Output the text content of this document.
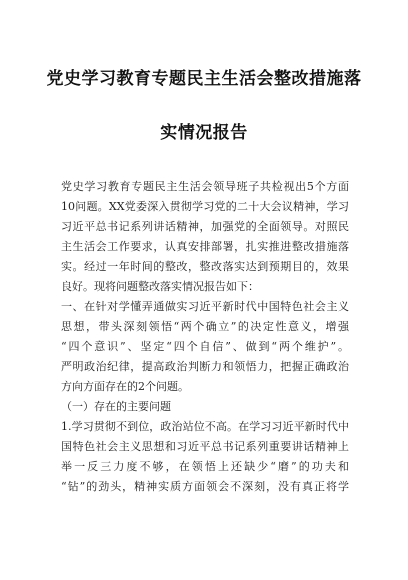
党史学习教育专题民主生活会整改措施落
实情况报告
党史学习教育专题民主生活会领导班子共检视出5个方面
10问题。XX党委深入贯彻学习党的二十大会议精神，学习
习近平总书记系列讲话精神，加强党的全面领导。对照民
主生活会工作要求，认真安排部署，扎实推进整改措施落
实。经过一年时间的整改，整改落实达到预期目的，效果
良好。现将问题整改落实情况报告如下：
一、在针对学懂弄通做实习近平新时代中国特色社会主义
思想，带头深刻领悟“两个确立”的决定性意义，增强
“四个意识”、坚定“四个自信”、做到“两个维护”。
严明政治纪律，提高政治判断力和领悟力，把握正确政治
方向方面存在的2个问题。
（一）存在的主要问题
1.学习贯彻不到位，政治站位不高。在学习习近平新时代中
国特色社会主义思想和习近平总书记系列重要讲话精神上
举一反三力度不够，在领悟上还缺少“磨”的功夫和
“钻”的劲头，精神实质方面领会不深刻，没有真正将学
